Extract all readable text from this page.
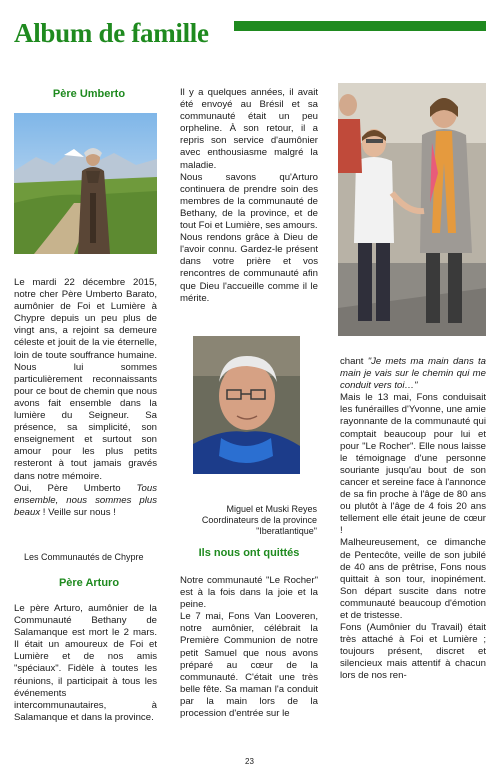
Album de famille
Père Umberto

Le mardi 22 décembre 2015, notre cher Père Umberto Barato, aumônier de Foi et Lumière à Chypre depuis un peu plus de vingt ans, a rejoint sa demeure céleste et jouit de la vie éternelle, loin de toute souffrance humaine. Nous lui sommes particulièrement reconnaissants pour ce bout de chemin que nous avons fait ensemble dans la lumière du Seigneur. Sa présence, sa simplicité, son enseignement et surtout son amour pour les plus petits resteront à tout jamais gravés dans notre mémoire.

Oui, Père Umberto Tous ensemble, nous sommes plus beaux ! Veille sur nous !

Les Communautés de Chypre
Père Arturo

Le père Arturo, aumônier de la Communauté Bethany de Salamanque est mort le 2 mars. Il était un amoureux de Foi et Lumière et de nos amis "spéciaux". Fidèle à toutes les réunions, il participait à tous les événements intercommunautaires, à Salamanque et dans la province.

Il y a quelques années, il avait été envoyé au Brésil et sa communauté était un peu orpheline. À son retour, il a repris son service d'aumônier avec enthousiasme malgré la maladie.

Nous savons qu'Arturo continuera de prendre soin des membres de la communauté de Bethany, de la province, et de tout Foi et Lumière, ses amours.

Nous rendons grâce à Dieu de l'avoir connu. Gardez-le présent dans votre prière et vos rencontres de communauté afin que Dieu l'accueille comme il le mérite.

Miguel et Muski Reyes
Coordinateurs de la province
"Iberatlantique"
Ils nous ont quittés

Notre communauté "Le Rocher" est à la fois dans la joie et la peine.

Le 7 mai, Fons Van Looveren, notre aumônier, célébrait la Première Communion de notre petit Samuel que nous avons préparé au cœur de la communauté. C'était une très belle fête. Sa maman l'a conduit par la main lors de la procession d'entrée sur le

chant "Je mets ma main dans ta main je vais sur le chemin qui me conduit vers toi…"

Mais le 13 mai, Fons conduisait les funérailles d'Yvonne, une amie rayonnante de la communauté qui comptait beaucoup pour lui et pour "Le Rocher". Elle nous laisse le témoignage d'une personne souriante jusqu'au bout de son cancer et sereine face à l'annonce de sa fin proche à l'âge de 80 ans ou plutôt à l'âge de 4 fois 20 ans tellement elle était jeune de cœur !

Malheureusement, ce dimanche de Pentecôte, veille de son jubilé de 40 ans de prêtrise, Fons nous quittait à son tour, inopinément. Son départ suscite dans notre communauté beaucoup d'émotion et de tristesse.

Fons (Aumônier du Travail) était très attaché à Foi et Lumière ; toujours présent, discret et silencieux mais attentif à chacun lors de nos ren-

23
